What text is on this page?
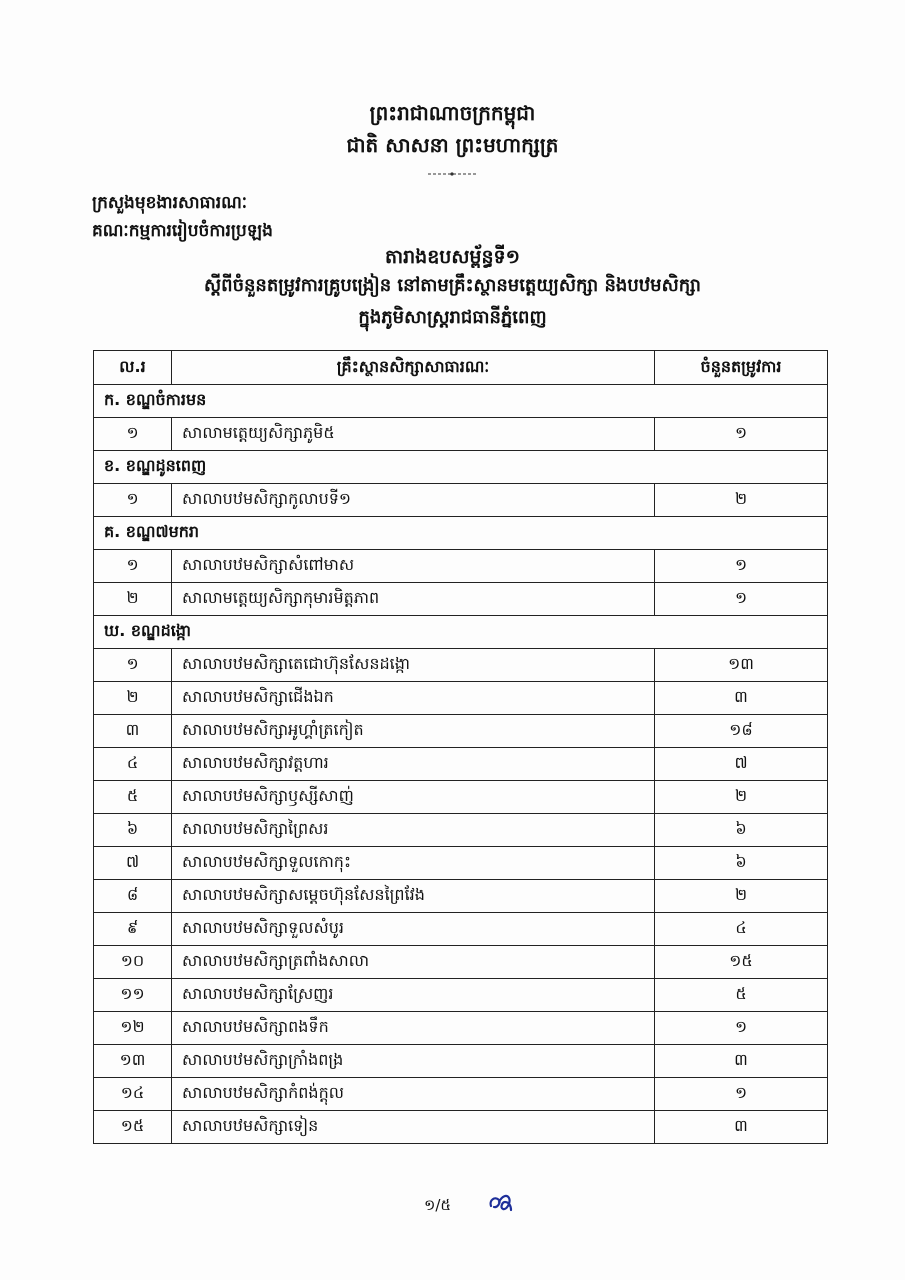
ព្រះរាជាណាចក្រកម្ពុជា
ជាតិ សាសនា ព្រះមហាក្សត្រ
ក្រសួងមុខងារសាធារណៈ
គណៈកម្មការរៀបចំការប្រឡង
តារាងឧបសម្ព័ន្ធទី១
ស្តីពីចំនួនតម្រូវការគ្រូបង្រៀន នៅតាមគ្រឹះស្ថានមត្តេយ្យសិក្សា និងបឋមសិក្សា
ក្នុងភូមិសាស្ត្ររាជធានីភ្នំពេញ
ល.រ	គ្រឹះស្ថានសិក្សាសាធារណៈ	ចំនួនតម្រូវការ
ក. ខណ្ឌចំការមន		
១	សាលាមត្តេយ្យសិក្សាភូមិ៥	១
ខ. ខណ្ឌដូនពេញ		
១	សាលាបឋមសិក្សាកូលាបទី១	២
គ. ខណ្ឌ៧មករា		
១	សាលាបឋមសិក្សាសំពៅមាស	១
២	សាលាមត្តេយ្យសិក្សាកុមារមិត្តភាព	១
ឃ. ខណ្ឌដង្កោ		
១	សាលាបឋមសិក្សាតេជោហ៊ុនសែនដង្កោ	១៣
២	សាលាបឋមសិក្សាជើងឯក	៣
៣	សាលាបឋមសិក្សាអូហ្គាំត្រកៀត	១៨
៤	សាលាបឋមសិក្សាវត្តហារ	៧
៥	សាលាបឋមសិក្សាឫស្សីសាញ់	២
៦	សាលាបឋមសិក្សាព្រៃសរ	៦
៧	សាលាបឋមសិក្សាទួលកោកុះ	៦
៨	សាលាបឋមសិក្សាសម្តេចហ៊ុនសែនព្រៃវែង	២
៩	សាលាបឋមសិក្សាទួលសំបូរ	៤
១០	សាលាបឋមសិក្សាត្រពាំងសាលា	១៥
១១	សាលាបឋមសិក្សាស្រែញរ	៥
១២	សាលាបឋមសិក្សាពងទឹក	១
១៣	សាលាបឋមសិក្សាក្រាំងពង្រ	៣
១៤	សាលាបឋមសិក្សាកំពង់ក្តុល	១
១៥	សាលាបឋមសិក្សាទៀន	៣
១/៥
